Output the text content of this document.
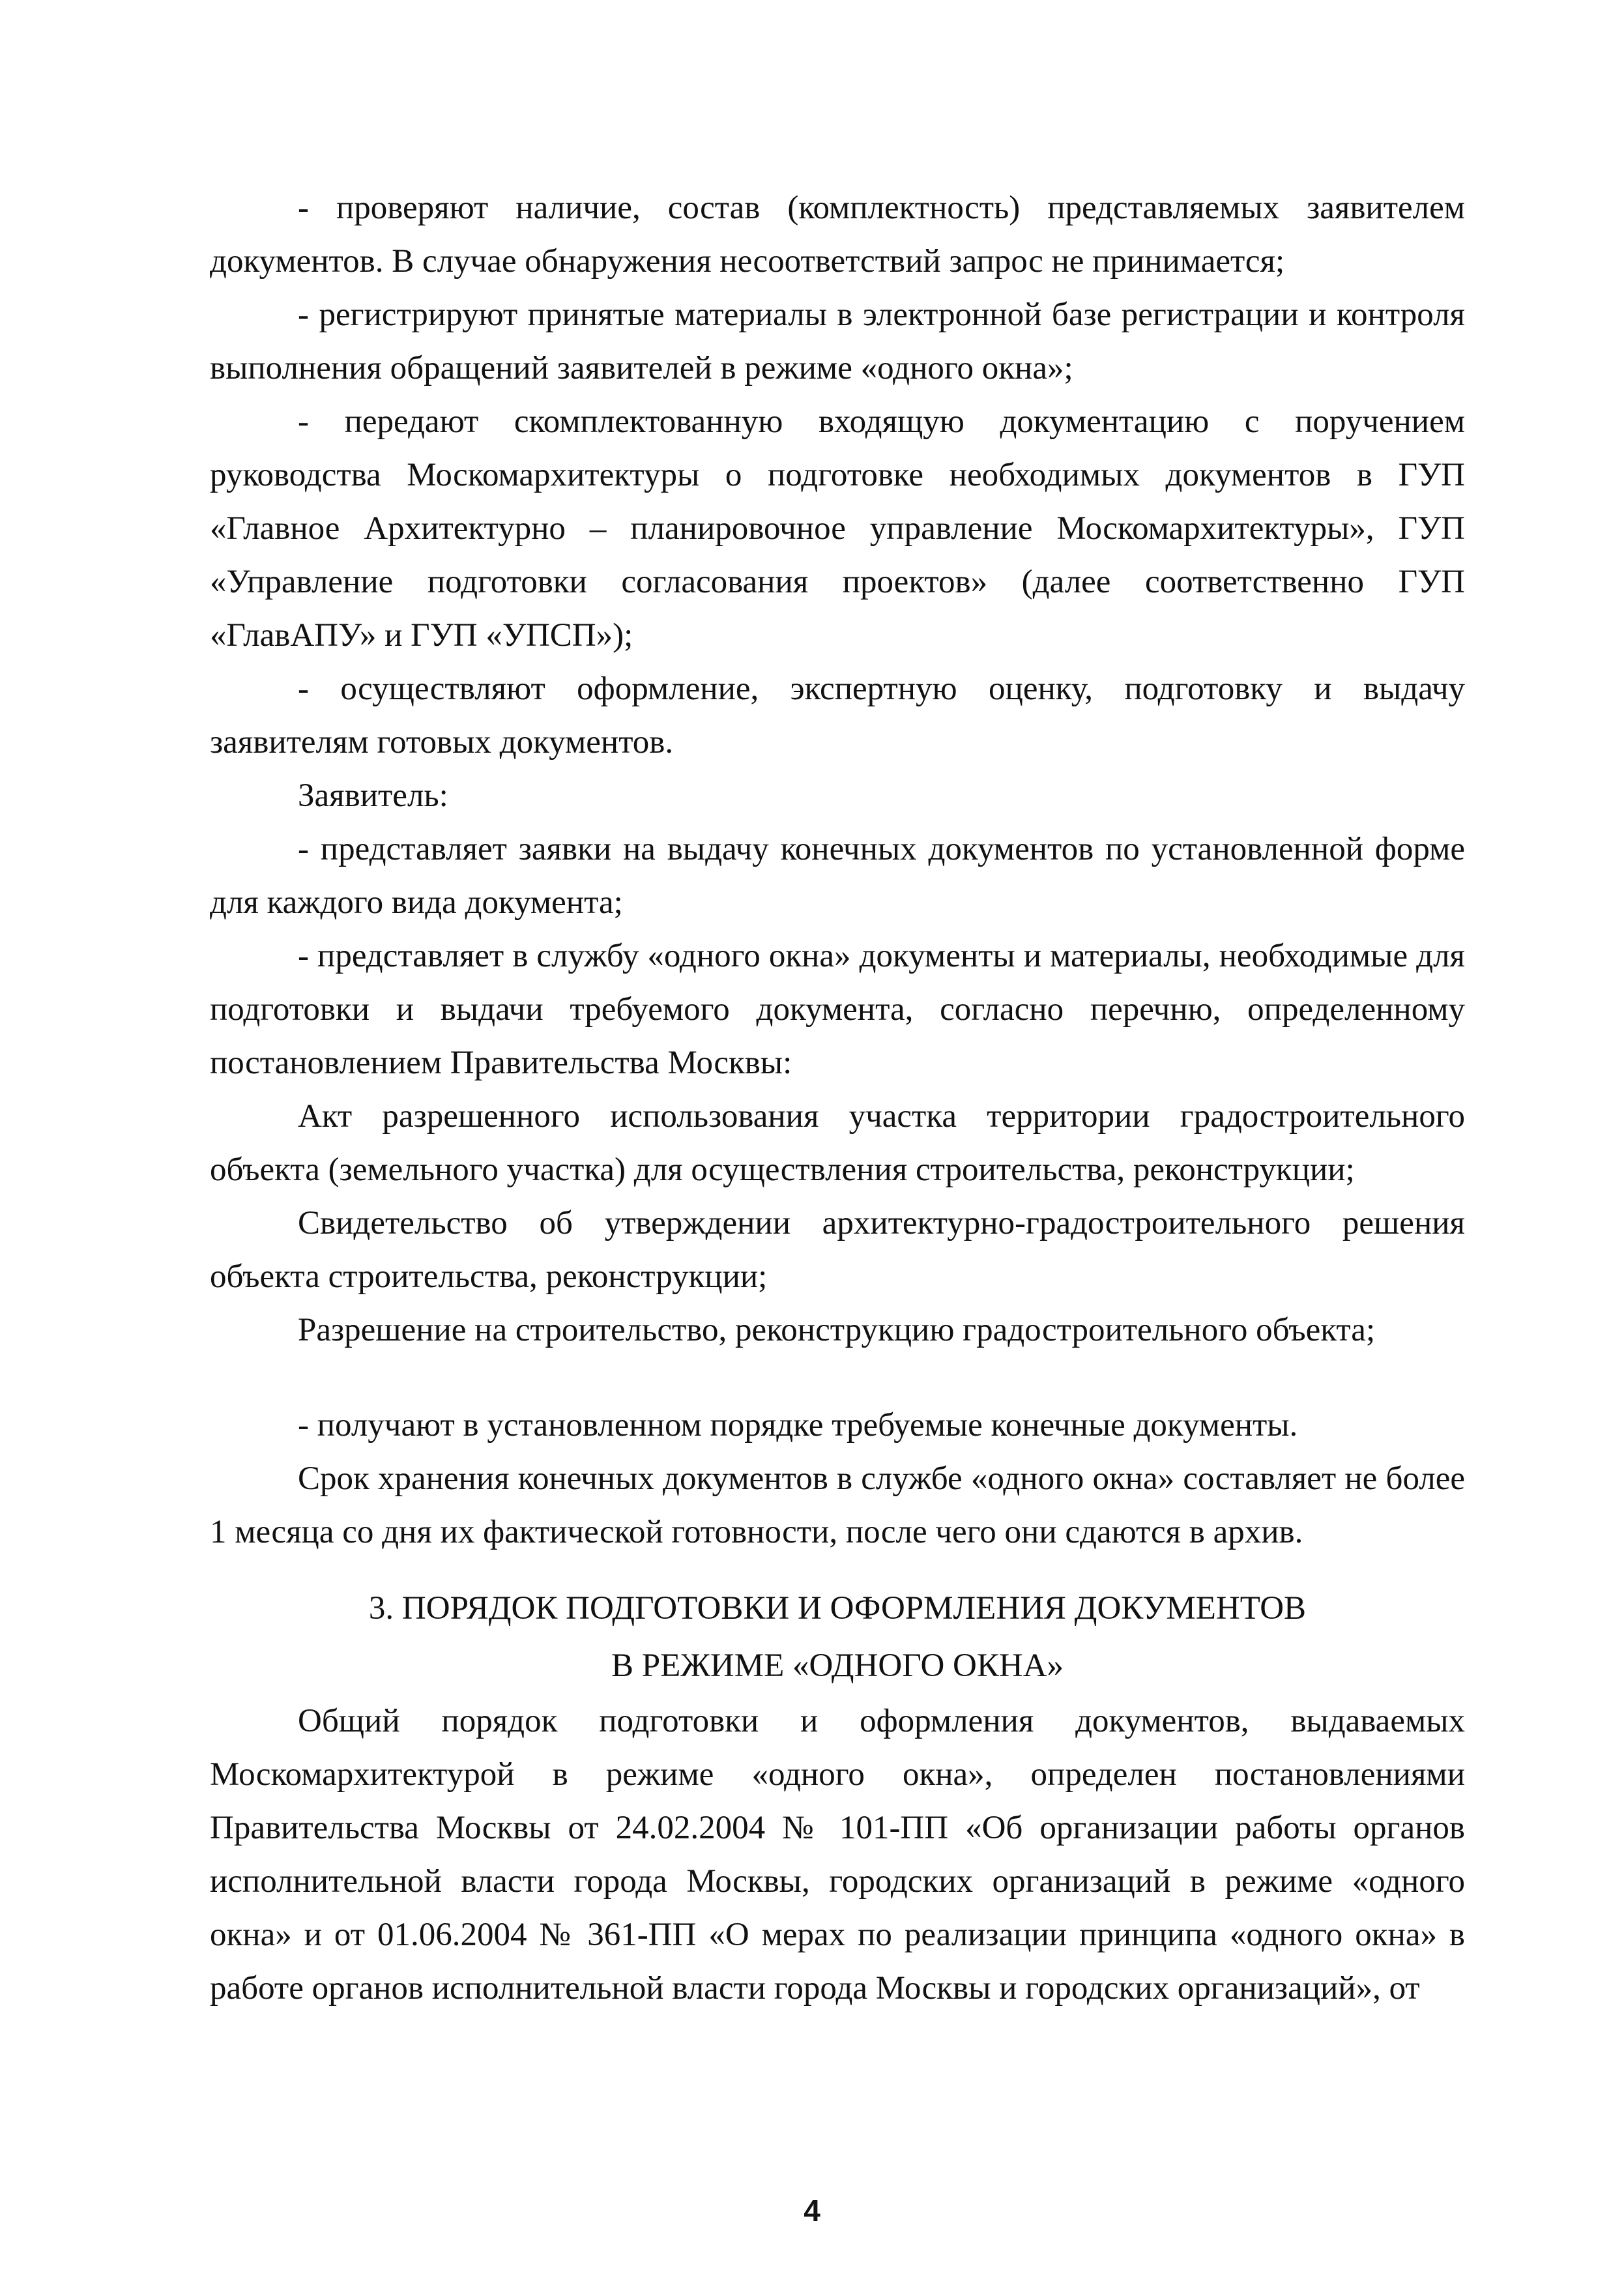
- проверяют наличие, состав (комплектность) представляемых заявителем документов. В случае обнаружения несоответствий запрос не принимается;

- регистрируют принятые материалы в электронной базе регистрации и контроля выполнения обращений заявителей в режиме «одного окна»;

- передают скомплектованную входящую документацию с поручением руководства Москомархитектуры о подготовке необходимых документов в ГУП «Главное Архитектурно – планировочное управление Москомархитектуры», ГУП «Управление подготовки согласования проектов» (далее соответственно ГУП «ГлавАПУ» и ГУП «УПСП»);

- осуществляют оформление, экспертную оценку, подготовку и выдачу заявителям готовых документов.

Заявитель:

- представляет заявки на выдачу конечных документов по установленной форме для каждого вида документа;

- представляет в службу «одного окна» документы и материалы, необходимые для подготовки и выдачи требуемого документа, согласно перечню, определенному постановлением Правительства Москвы:

Акт разрешенного использования участка территории градостроительного объекта (земельного участка) для осуществления строительства, реконструкции;

Свидетельство об утверждении архитектурно-градостроительного решения объекта строительства, реконструкции;

Разрешение на строительство, реконструкцию градостроительного объекта;

- получают в установленном порядке требуемые конечные документы.

Срок хранения конечных документов в службе «одного окна» составляет не более 1 месяца со дня их фактической готовности, после чего они сдаются в архив.

3. ПОРЯДОК ПОДГОТОВКИ И ОФОРМЛЕНИЯ ДОКУМЕНТОВ

В РЕЖИМЕ «ОДНОГО ОКНА»

Общий порядок подготовки и оформления документов, выдаваемых Москомархитектурой в режиме «одного окна», определен постановлениями Правительства Москвы от 24.02.2004 № 101-ПП «Об организации работы органов исполнительной власти города Москвы, городских организаций в режиме «одного окна» и от 01.06.2004 № 361-ПП «О мерах по реализации принципа «одного окна» в работе органов исполнительной власти города Москвы и городских организаций», от

4
